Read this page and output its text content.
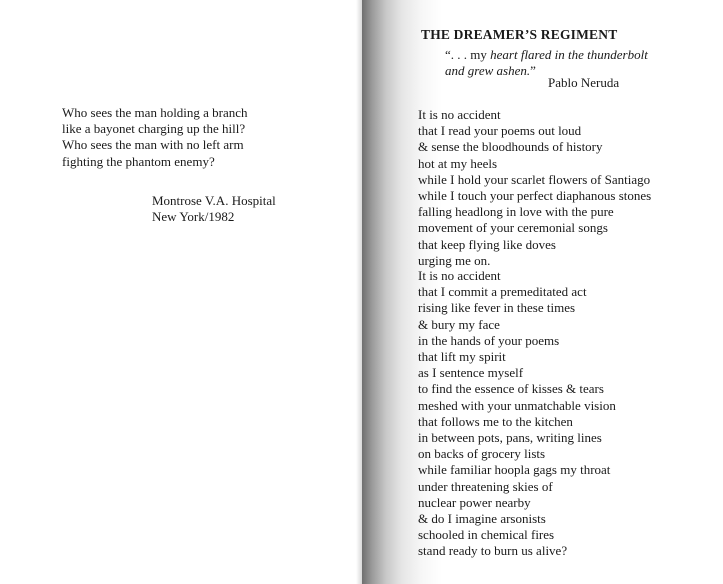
Who sees the man holding a branch
like a bayonet charging up the hill?
Who sees the man with no left arm
fighting the phantom enemy?
Montrose V.A. Hospital
New York/1982
THE DREAMER’S REGIMENT
“. . . my heart flared in the thunderbolt
and grew ashen.”
Pablo Neruda
It is no accident
that I read your poems out loud
& sense the bloodhounds of history
hot at my heels
while I hold your scarlet flowers of Santiago
while I touch your perfect diaphanous stones
falling headlong in love with the pure
movement of your ceremonial songs
that keep flying like doves
urging me on.
It is no accident
that I commit a premeditated act
rising like fever in these times
& bury my face
in the hands of your poems
that lift my spirit
as I sentence myself
to find the essence of kisses & tears
meshed with your unmatchable vision
that follows me to the kitchen
in between pots, pans, writing lines
on backs of grocery lists
while familiar hoopla gags my throat
under threatening skies of
nuclear power nearby
& do I imagine arsonists
schooled in chemical fires
stand ready to burn us alive?
